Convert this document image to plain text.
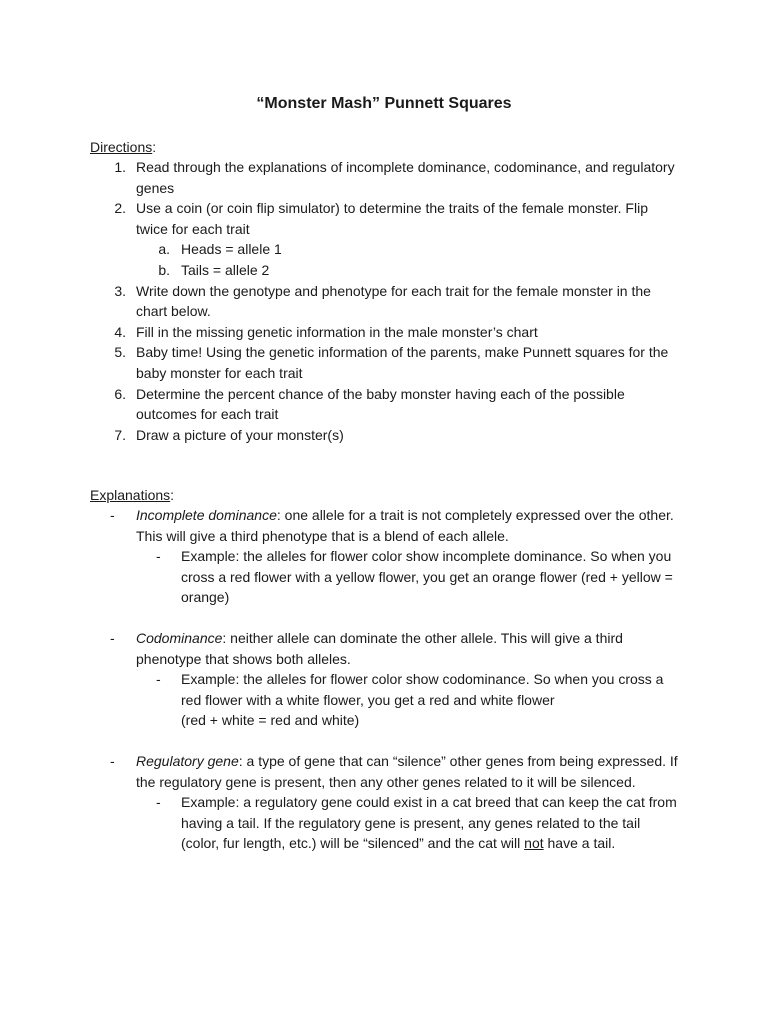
“Monster Mash” Punnett Squares
Directions:
1. Read through the explanations of incomplete dominance, codominance, and regulatory genes
2. Use a coin (or coin flip simulator) to determine the traits of the female monster. Flip twice for each trait
a. Heads = allele 1
b. Tails = allele 2
3. Write down the genotype and phenotype for each trait for the female monster in the chart below.
4. Fill in the missing genetic information in the male monster’s chart
5. Baby time! Using the genetic information of the parents, make Punnett squares for the baby monster for each trait
6. Determine the percent chance of the baby monster having each of the possible outcomes for each trait
7. Draw a picture of your monster(s)
Explanations:
-	Incomplete dominance: one allele for a trait is not completely expressed over the other. This will give a third phenotype that is a blend of each allele.
-	Example: the alleles for flower color show incomplete dominance. So when you cross a red flower with a yellow flower, you get an orange flower (red + yellow = orange)
-	Codominance: neither allele can dominate the other allele. This will give a third phenotype that shows both alleles.
-	Example: the alleles for flower color show codominance. So when you cross a red flower with a white flower, you get a red and white flower
(red + white = red and white)
-	Regulatory gene: a type of gene that can “silence” other genes from being expressed. If the regulatory gene is present, then any other genes related to it will be silenced.
-	Example: a regulatory gene could exist in a cat breed that can keep the cat from having a tail. If the regulatory gene is present, any genes related to the tail (color, fur length, etc.) will be “silenced” and the cat will not have a tail.
